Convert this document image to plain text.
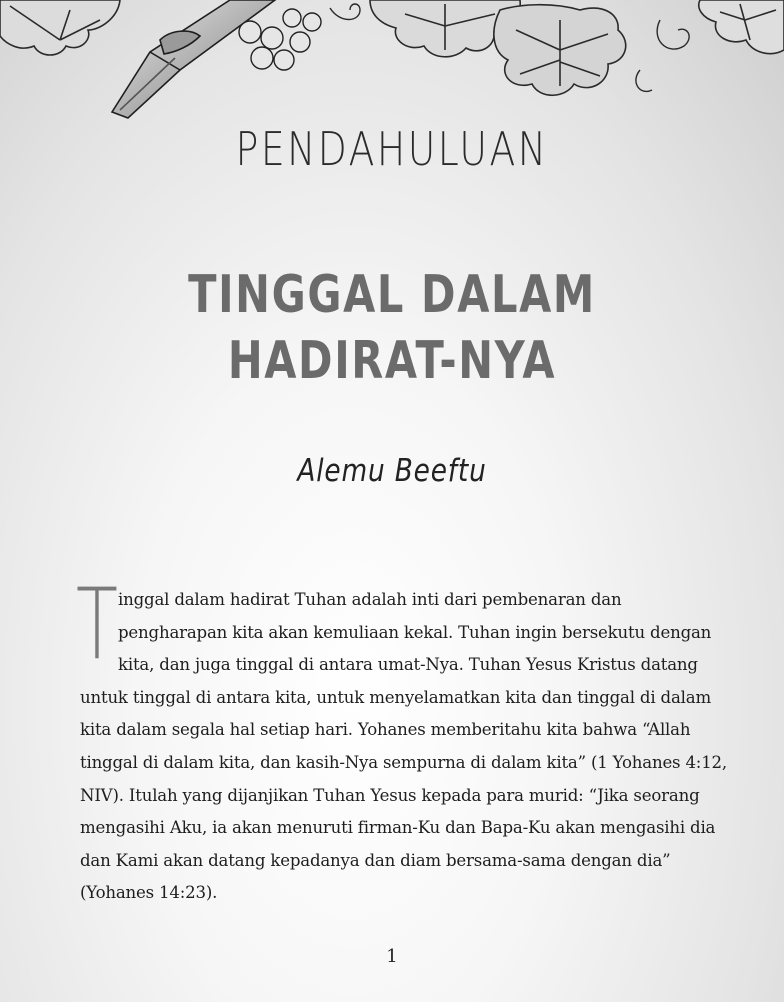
PENDAHULUAN
TINGGAL DALAM
HADIRAT-NYA
Alemu Beeftu
T inggal dalam hadirat Tuhan adalah inti dari pembenaran dan pengharapan kita akan kemuliaan kekal. Tuhan ingin bersekutu dengan kita, dan juga tinggal di antara umat-Nya. Tuhan Yesus Kristus datang untuk tinggal di antara kita, untuk menyelamatkan kita dan tinggal di dalam kita dalam segala hal setiap hari. Yohanes memberitahu kita bahwa “Allah tinggal di dalam kita, dan kasih-Nya sempurna di dalam kita” (1 Yohanes 4:12, NIV). Itulah yang dijanjikan Tuhan Yesus kepada para murid: “Jika seorang mengasihi Aku, ia akan menuruti firman-Ku dan Bapa-Ku akan mengasihi dia dan Kami akan datang kepadanya dan diam bersama-sama dengan dia” (Yohanes 14:23).
1
